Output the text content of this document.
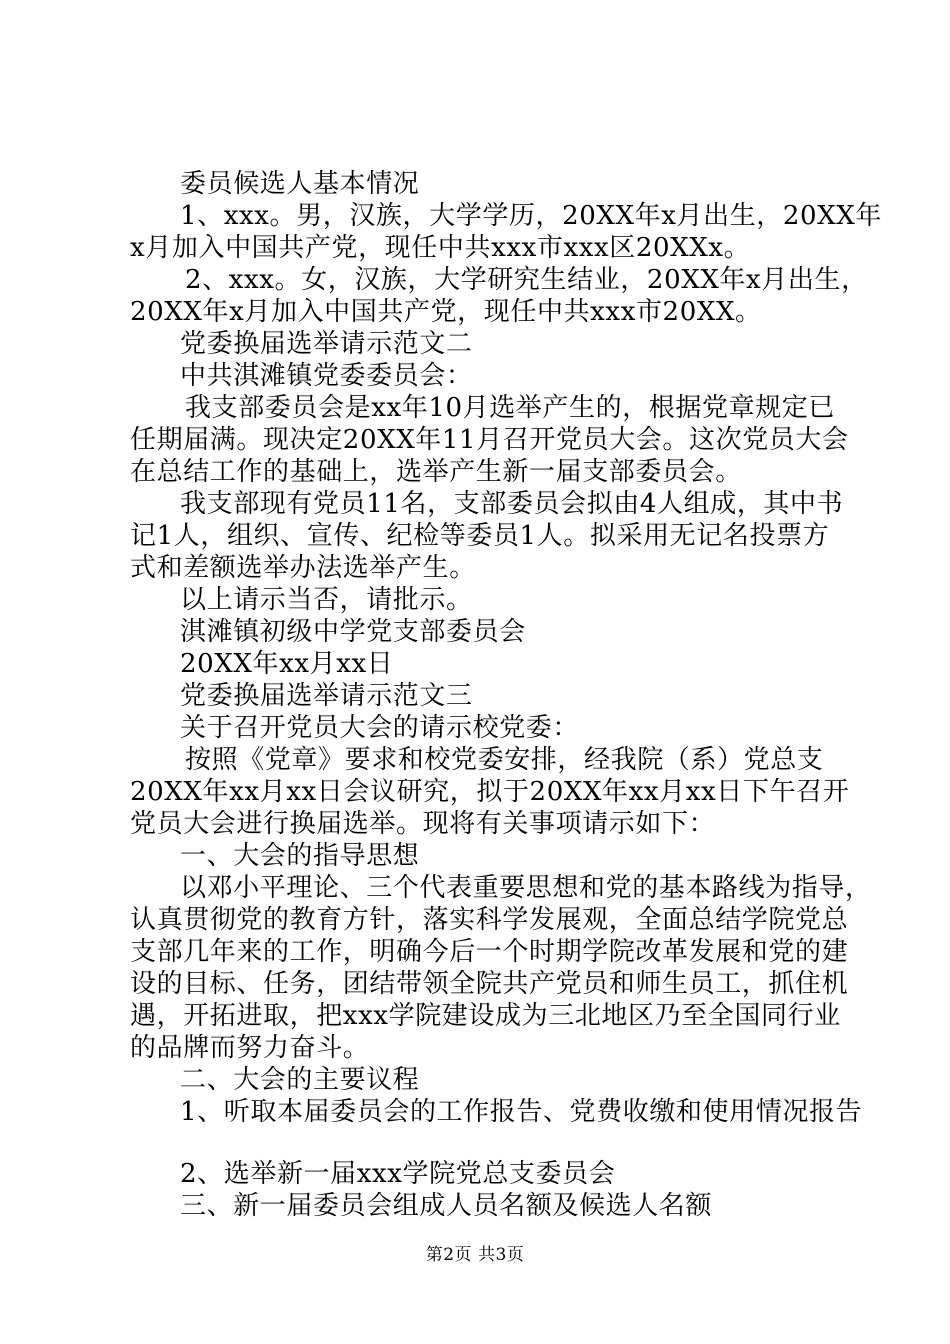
委员候选人基本情况
1、xxx。男，汉族，大学学历，20XX年x月出生，20XX年
x月加入中国共产党，现任中共xxx市xxx区20XXx。
2、xxx。女，汉族，大学研究生结业，20XX年x月出生，
20XX年x月加入中国共产党，现任中共xxx市20XX。
党委换届选举请示范文二
中共淇滩镇党委委员会：
我支部委员会是xx年10月选举产生的，根据党章规定已
任期届满。现决定20XX年11月召开党员大会。这次党员大会
在总结工作的基础上，选举产生新一届支部委员会。
我支部现有党员11名，支部委员会拟由4人组成，其中书
记1人，组织、宣传、纪检等委员1人。拟采用无记名投票方
式和差额选举办法选举产生。
以上请示当否，请批示。
淇滩镇初级中学党支部委员会
20XX年xx月xx日
党委换届选举请示范文三
关于召开党员大会的请示校党委：
按照《党章》要求和校党委安排，经我院（系）党总支
20XX年xx月xx日会议研究，拟于20XX年xx月xx日下午召开
党员大会进行换届选举。现将有关事项请示如下：
一、大会的指导思想
以邓小平理论、三个代表重要思想和党的基本路线为指导，
认真贯彻党的教育方针，落实科学发展观，全面总结学院党总
支部几年来的工作，明确今后一个时期学院改革发展和党的建
设的目标、任务，团结带领全院共产党员和师生员工，抓住机
遇，开拓进取，把xxx学院建设成为三北地区乃至全国同行业
的品牌而努力奋斗。
二、大会的主要议程
1、听取本届委员会的工作报告、党费收缴和使用情况报告
2、选举新一届xxx学院党总支委员会
三、新一届委员会组成人员名额及候选人名额
第2页 共3页
